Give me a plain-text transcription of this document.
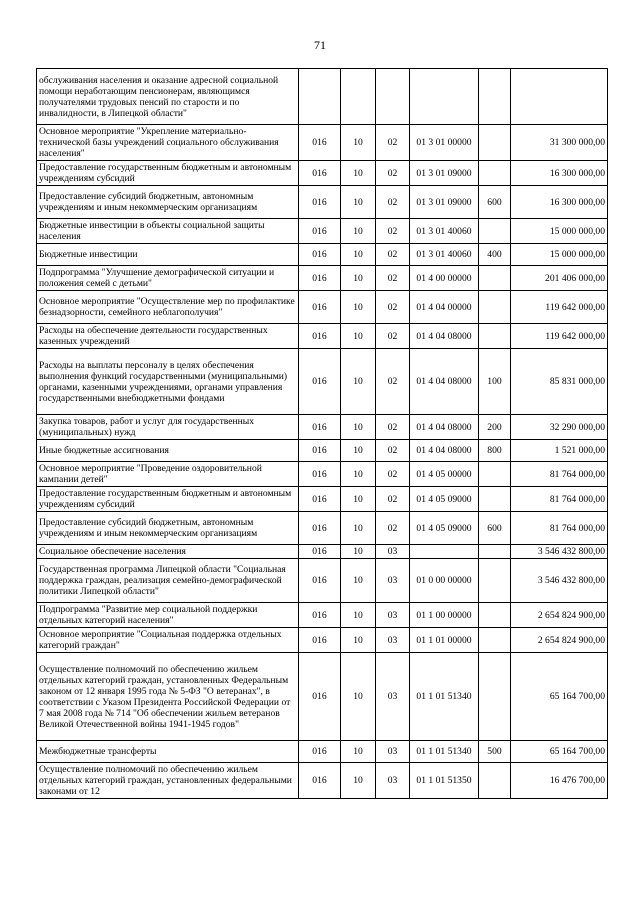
71
обслуживания населения и оказание адресной социальной помощи неработающим пенсионерам, являющимся получателями трудовых пенсий по старости и по инвалидности, в Липецкой области"						
Основное мероприятие "Укрепление материально-технической базы учреждений социального обслуживания населения"	016	10	02	01 3 01 00000		31 300 000,00
Предоставление государственным бюджетным и автономным учреждениям субсидий	016	10	02	01 3 01 09000		16 300 000,00
Предоставление субсидий бюджетным, автономным учреждениям и иным некоммерческим организациям	016	10	02	01 3 01 09000	600	16 300 000,00
Бюджетные инвестиции в объекты социальной защиты населения	016	10	02	01 3 01 40060		15 000 000,00
Бюджетные инвестиции	016	10	02	01 3 01 40060	400	15 000 000,00
Подпрограмма "Улучшение демографической ситуации и положения семей с детьми"	016	10	02	01 4 00 00000		201 406 000,00
Основное мероприятие "Осуществление мер по профилактике безнадзорности, семейного неблагополучия"	016	10	02	01 4 04 00000		119 642 000,00
Расходы на обеспечение деятельности государственных казенных учреждений	016	10	02	01 4 04 08000		119 642 000,00
Расходы на выплаты персоналу в целях обеспечения выполнения функций государственными (муниципальными) органами, казенными учреждениями, органами управления государственными внебюджетными фондами	016	10	02	01 4 04 08000	100	85 831 000,00
Закупка товаров, работ и услуг для государственных (муниципальных) нужд	016	10	02	01 4 04 08000	200	32 290 000,00
Иные бюджетные ассигнования	016	10	02	01 4 04 08000	800	1 521 000,00
Основное мероприятие "Проведение оздоровительной кампании детей"	016	10	02	01 4 05 00000		81 764 000,00
Предоставление государственным бюджетным и автономным учреждениям субсидий	016	10	02	01 4 05 09000		81 764 000,00
Предоставление субсидий бюджетным, автономным учреждениям и иным некоммерческим организациям	016	10	02	01 4 05 09000	600	81 764 000,00
Социальное обеспечение населения	016	10	03			3 546 432 800,00
Государственная программа Липецкой области "Социальная поддержка граждан, реализация семейно-демографической политики Липецкой области"	016	10	03	01 0 00 00000		3 546 432 800,00
Подпрограмма "Развитие мер социальной поддержки отдельных категорий населения"	016	10	03	01 1 00 00000		2 654 824 900,00
Основное мероприятие "Социальная поддержка отдельных категорий граждан"	016	10	03	01 1 01 00000		2 654 824 900,00
Осуществление полномочий по обеспечению жильем отдельных категорий граждан, установленных Федеральным законом от 12 января 1995 года № 5-ФЗ "О ветеранах", в соответствии с Указом Президента Российской Федерации от 7 мая 2008 года № 714 "Об обеспечении жильем ветеранов Великой Отечественной войны 1941-1945 годов"	016	10	03	01 1 01 51340		65 164 700,00
Межбюджетные трансферты	016	10	03	01 1 01 51340	500	65 164 700,00
Осуществление полномочий по обеспечению жильем отдельных категорий граждан, установленных федеральными законами от 12	016	10	03	01 1 01 51350		16 476 700,00
